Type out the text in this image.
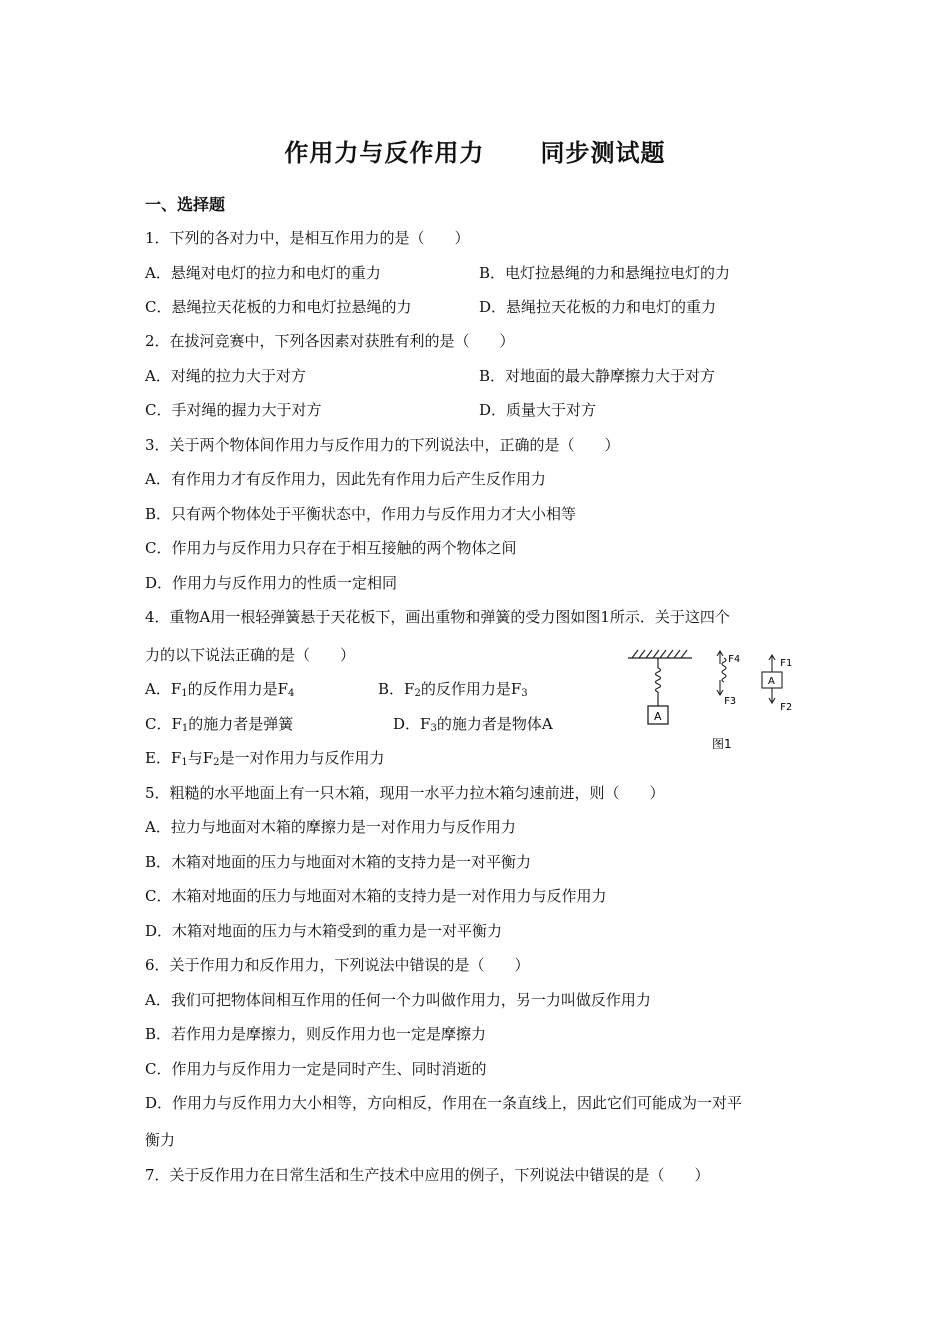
作用力与反作用力      同步测试题
一、选择题
1．下列的各对力中，是相互作用力的是（　　）
A．悬绳对电灯的拉力和电灯的重力	B．电灯拉悬绳的力和悬绳拉电灯的力
C．悬绳拉天花板的力和电灯拉悬绳的力	D．悬绳拉天花板的力和电灯的重力
2．在拔河竞赛中，下列各因素对获胜有利的是（　　）
A．对绳的拉力大于对方	B．对地面的最大静摩擦力大于对方
C．手对绳的握力大于对方	D．质量大于对方
3．关于两个物体间作用力与反作用力的下列说法中，正确的是（　　）
A．有作用力才有反作用力，因此先有作用力后产生反作用力
B．只有两个物体处于平衡状态中，作用力与反作用力才大小相等
C．作用力与反作用力只存在于相互接触的两个物体之间
D．作用力与反作用力的性质一定相同
4．重物A用一根轻弹簧悬于天花板下，画出重物和弹簧的受力图如图1所示．关于这四个
力的以下说法正确的是（　　）
A．$F_1$的反作用力是$F_4$	B．$F_2$的反作用力是$F_3$
C．$F_1$的施力者是弹簧	D．$F_3$的施力者是物体A
E．$F_1$与$F_2$是一对作用力与反作用力
A
F4
F3
A
F1
F2
图1
5．粗糙的水平地面上有一只木箱，现用一水平力拉木箱匀速前进，则（　　）
A．拉力与地面对木箱的摩擦力是一对作用力与反作用力
B．木箱对地面的压力与地面对木箱的支持力是一对平衡力
C．木箱对地面的压力与地面对木箱的支持力是一对作用力与反作用力
D．木箱对地面的压力与木箱受到的重力是一对平衡力
6．关于作用力和反作用力，下列说法中错误的是（　　）
A．我们可把物体间相互作用的任何一个力叫做作用力，另一力叫做反作用力
B．若作用力是摩擦力，则反作用力也一定是摩擦力
C．作用力与反作用力一定是同时产生、同时消逝的
D．作用力与反作用力大小相等，方向相反，作用在一条直线上，因此它们可能成为一对平
衡力
7．关于反作用力在日常生活和生产技术中应用的例子，下列说法中错误的是（　　）
